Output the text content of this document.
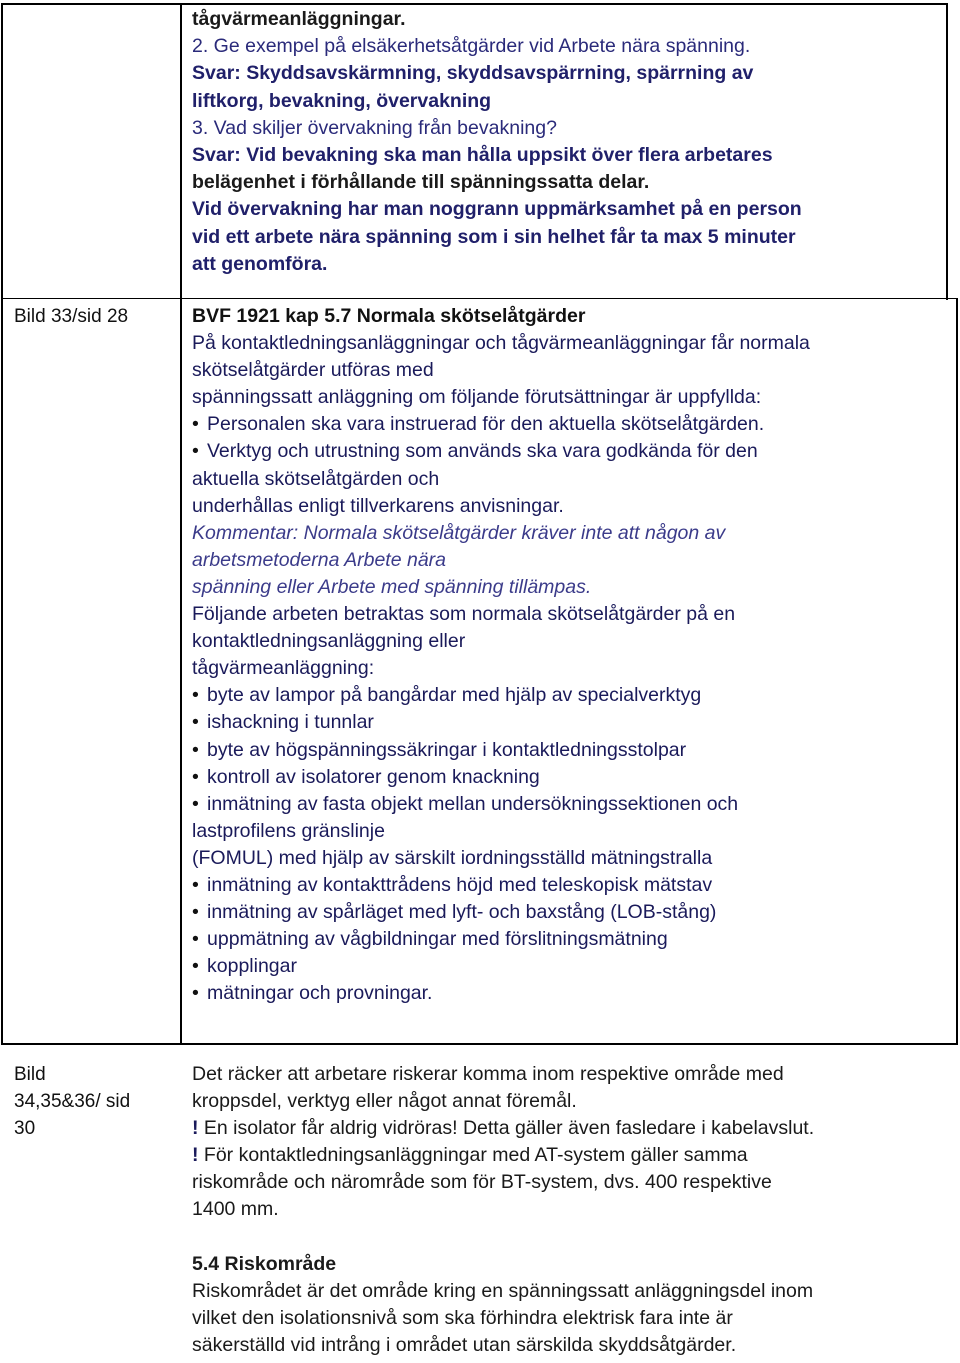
tågvärmeanläggningar.
2. Ge exempel på elsäkerhetsåtgärder vid Arbete nära spänning.
Svar: Skyddsavskärmning, skyddsavspärrning, spärrning av
liftkorg, bevakning, övervakning
3. Vad skiljer övervakning från bevakning?
Svar: Vid bevakning ska man hålla uppsikt över flera arbetares
belägenhet i förhållande till spänningssatta delar.
Vid övervakning har man noggrann uppmärksamhet på en person
vid ett arbete nära spänning som i sin helhet får ta max 5 minuter
att genomföra.
Bild 33/sid 28	BVF 1921 kap 5.7 Normala skötselåtgärder
På kontaktledningsanläggningar och tågvärmeanläggningar får normala
skötselåtgärder utföras med
spänningssatt anläggning om följande förutsättningar är uppfyllda:
• Personalen ska vara instruerad för den aktuella skötselåtgärden.
• Verktyg och utrustning som används ska vara godkända för den
aktuella skötselåtgärden och
underhållas enligt tillverkarens anvisningar.
Kommentar: Normala skötselåtgärder kräver inte att någon av
arbetsmetoderna Arbete nära
spänning eller Arbete med spänning tillämpas.
Följande arbeten betraktas som normala skötselåtgärder på en
kontaktledningsanläggning eller
tågvärmeanläggning:
• byte av lampor på bangårdar med hjälp av specialverktyg
• ishackning i tunnlar
• byte av högspänningssäkringar i kontaktledningsstolpar
• kontroll av isolatorer genom knackning
• inmätning av fasta objekt mellan undersökningssektionen och
lastprofilens gränslinje
(FOMUL) med hjälp av särskilt iordningsställd mätningstralla
• inmätning av kontakttrådens höjd med teleskopisk mätstav
• inmätning av spårläget med lyft- och baxstång (LOB-stång)
• uppmätning av vågbildningar med förslitningsmätning
• kopplingar
• mätningar och provningar.
Bild
34,35&36/ sid
30
Det räcker att arbetare riskerar komma inom respektive område med
kroppsdel, verktyg eller något annat föremål.
! En isolator får aldrig vidröras! Detta gäller även fasledare i kabelavslut.
! För kontaktledningsanläggningar med AT-system gäller samma
riskområde och närområde som för BT-system, dvs. 400 respektive
1400 mm.
5.4 Riskområde
Riskområdet är det område kring en spänningssatt anläggningsdel inom
vilket den isolationsnivå som ska förhindra elektrisk fara inte är
säkerställd vid intrång i området utan särskilda skyddsåtgärder.
